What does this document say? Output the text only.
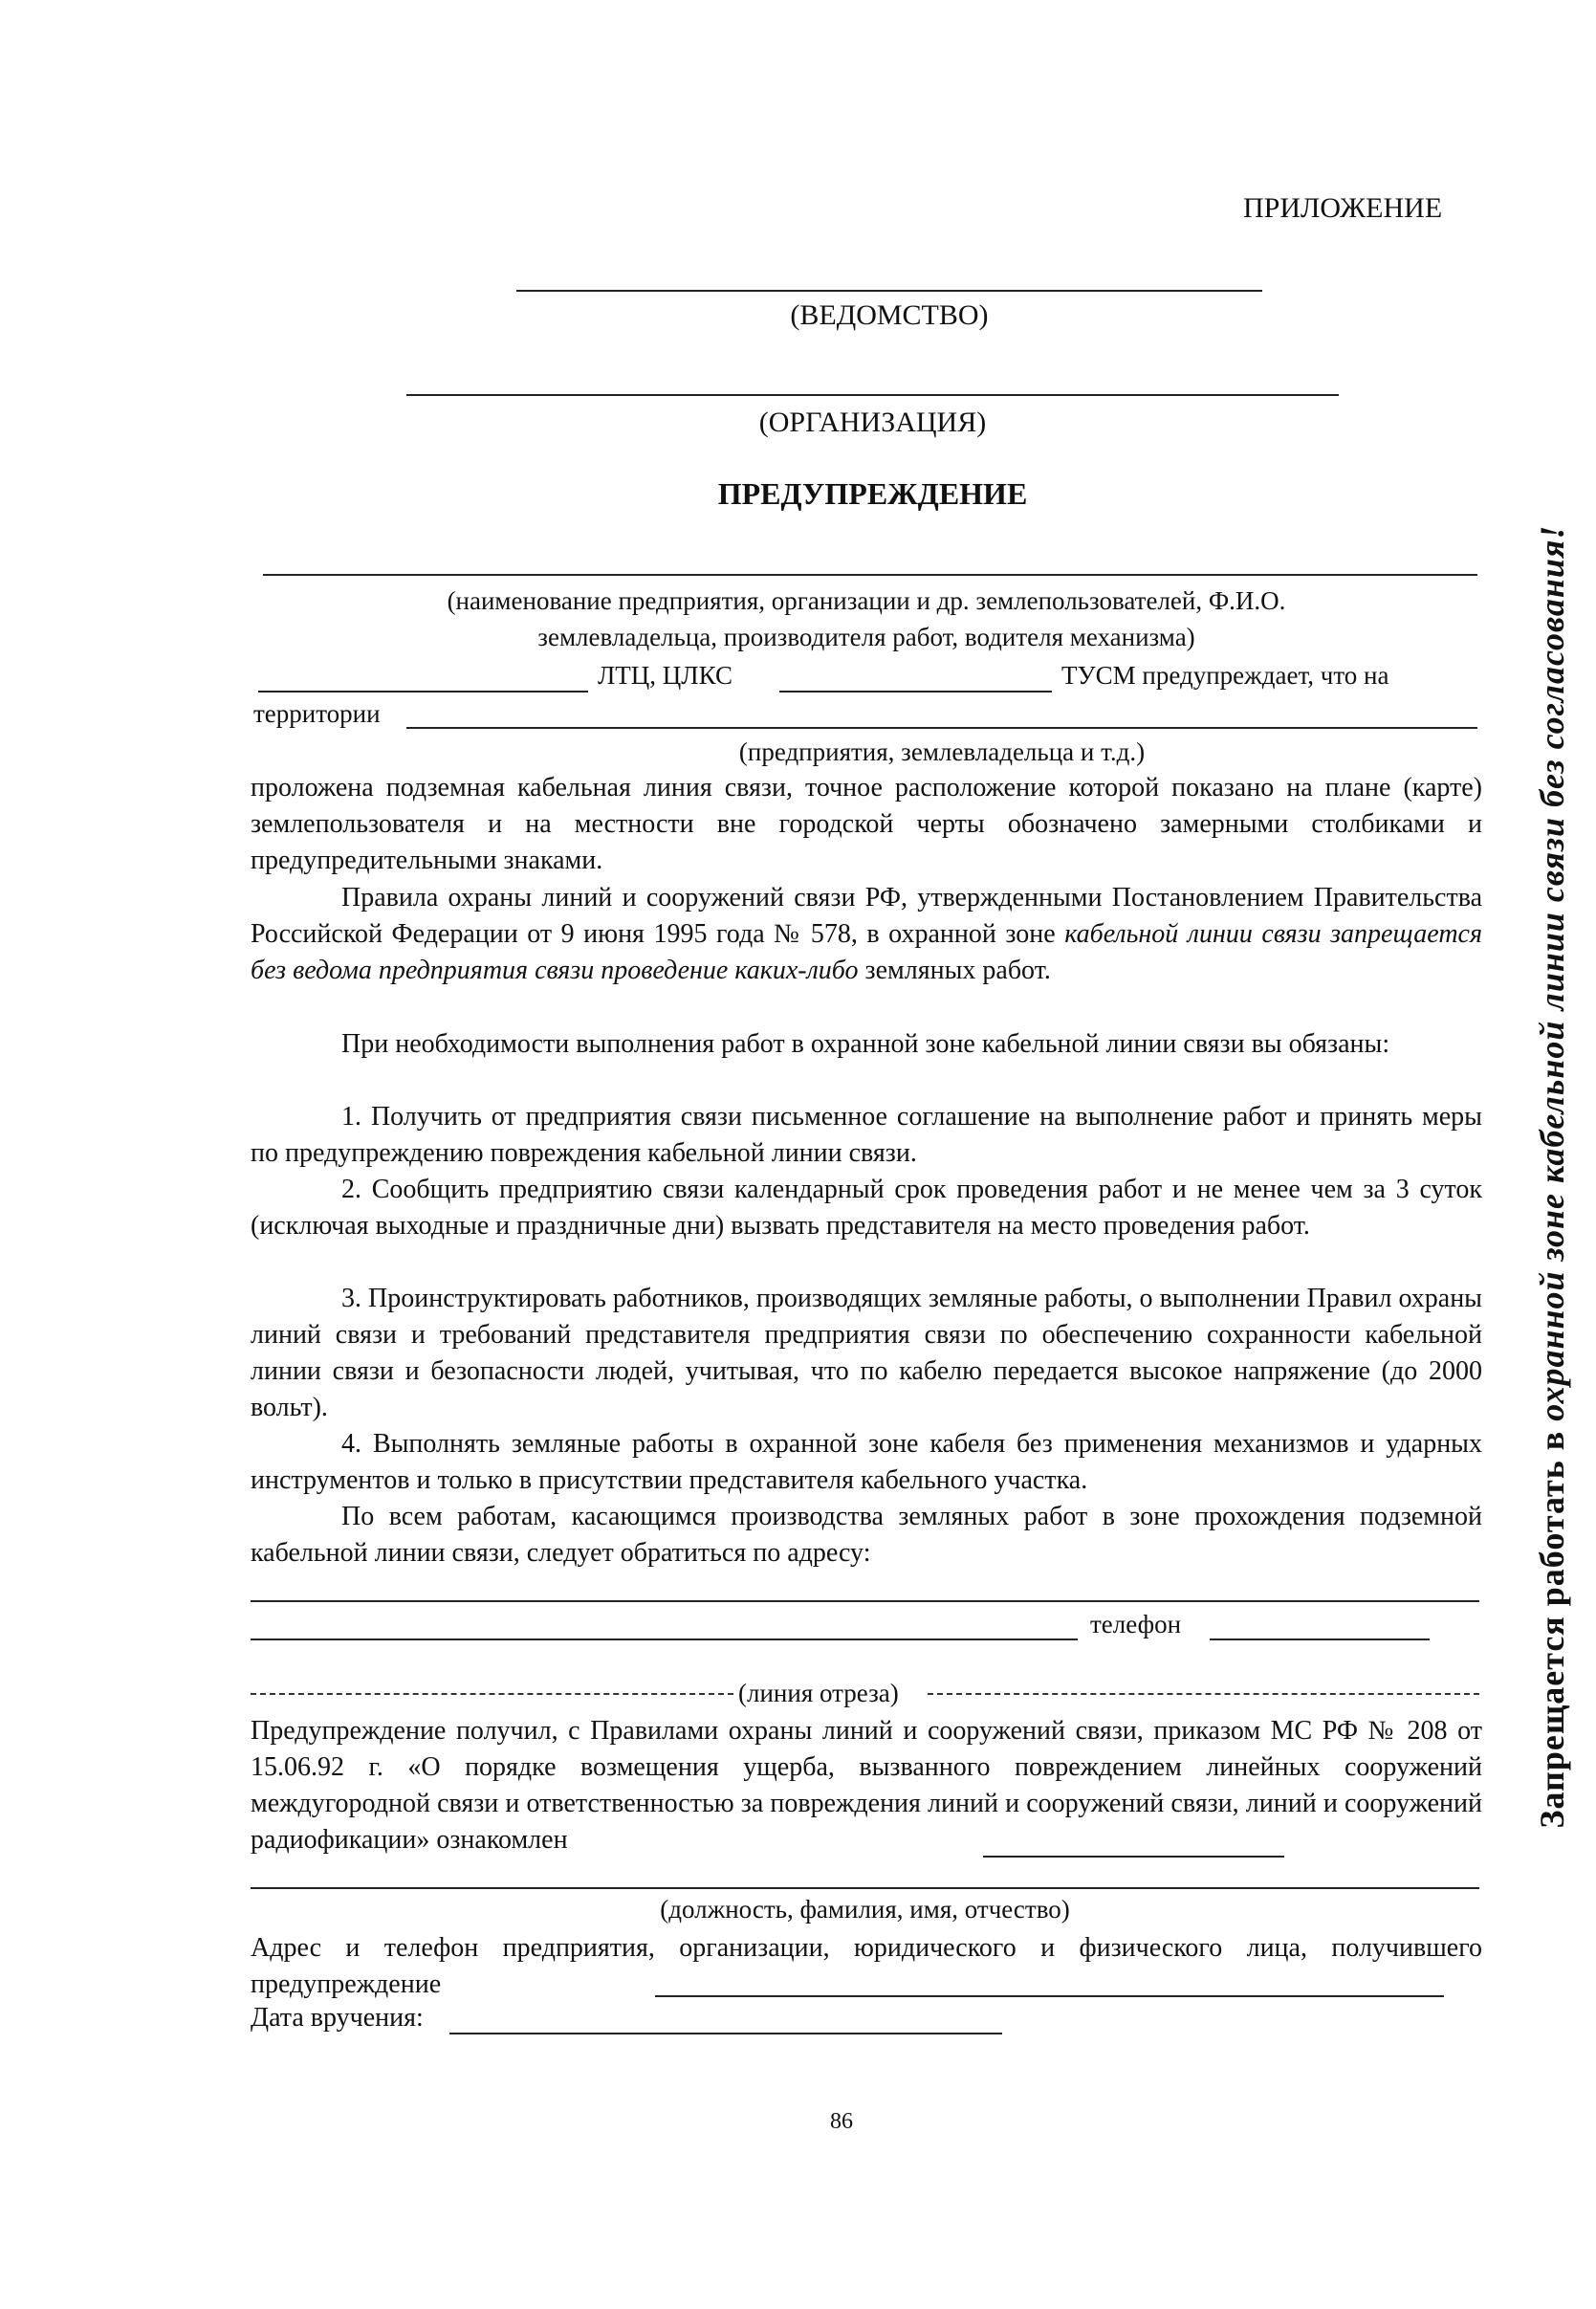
ПРИЛОЖЕНИЕ
(ВЕДОМСТВО)
(ОРГАНИЗАЦИЯ)
ПРЕДУПРЕЖДЕНИЕ
(наименование предприятия, организации и др. землепользователей, Ф.И.О.
землевладельца, производителя работ, водителя механизма)
ЛТЦ, ЦЛКС	ТУСМ предупреждает, что на
территории
(предприятия, землевладельца и т.д.)
проложена подземная кабельная линия связи, точное расположение которой показано на плане (карте) землепользователя и на местности вне городской черты обозначено замерными столбиками и предупредительными знаками.
Правила охраны линий и сооружений связи РФ, утвержденными Постановлением Правительства Российской Федерации от 9 июня 1995 года № 578, в охранной зоне кабельной линии связи запрещается без ведома предприятия связи проведение каких-либо земляных работ.
При необходимости выполнения работ в охранной зоне кабельной линии связи вы обязаны:
1. Получить от предприятия связи письменное соглашение на выполнение работ и принять меры по предупреждению повреждения кабельной линии связи.
2. Сообщить предприятию связи календарный срок проведения работ и не менее чем за 3 суток (исключая выходные и праздничные дни) вызвать представителя на место проведения работ.
3. Проинструктировать работников, производящих земляные работы, о выполнении Правил охраны линий связи и требований представителя предприятия связи по обеспечению сохранности кабельной линии связи и безопасности людей, учитывая, что по кабелю передается высокое напряжение (до 2000 вольт).
4. Выполнять земляные работы в охранной зоне кабеля без применения механизмов и ударных инструментов и только в присутствии представителя кабельного участка.
По всем работам, касающимся производства земляных работ в зоне прохождения подземной кабельной линии связи, следует обратиться по адресу:
телефон
(линия отреза)
Предупреждение получил, с Правилами охраны линий и сооружений связи, приказом МС РФ № 208 от 15.06.92 г. «О порядке возмещения ущерба, вызванного повреждением линейных сооружений междугородной связи и ответственностью за повреждения линий и сооружений связи, линий и сооружений радиофикации» ознакомлен
(должность, фамилия, имя, отчество)
Адрес и телефон предприятия, организации, юридического и физического лица, получившего предупреждение
Дата вручения:
86
Запрещается работать в охранной зоне кабельной линии связи без согласования!
